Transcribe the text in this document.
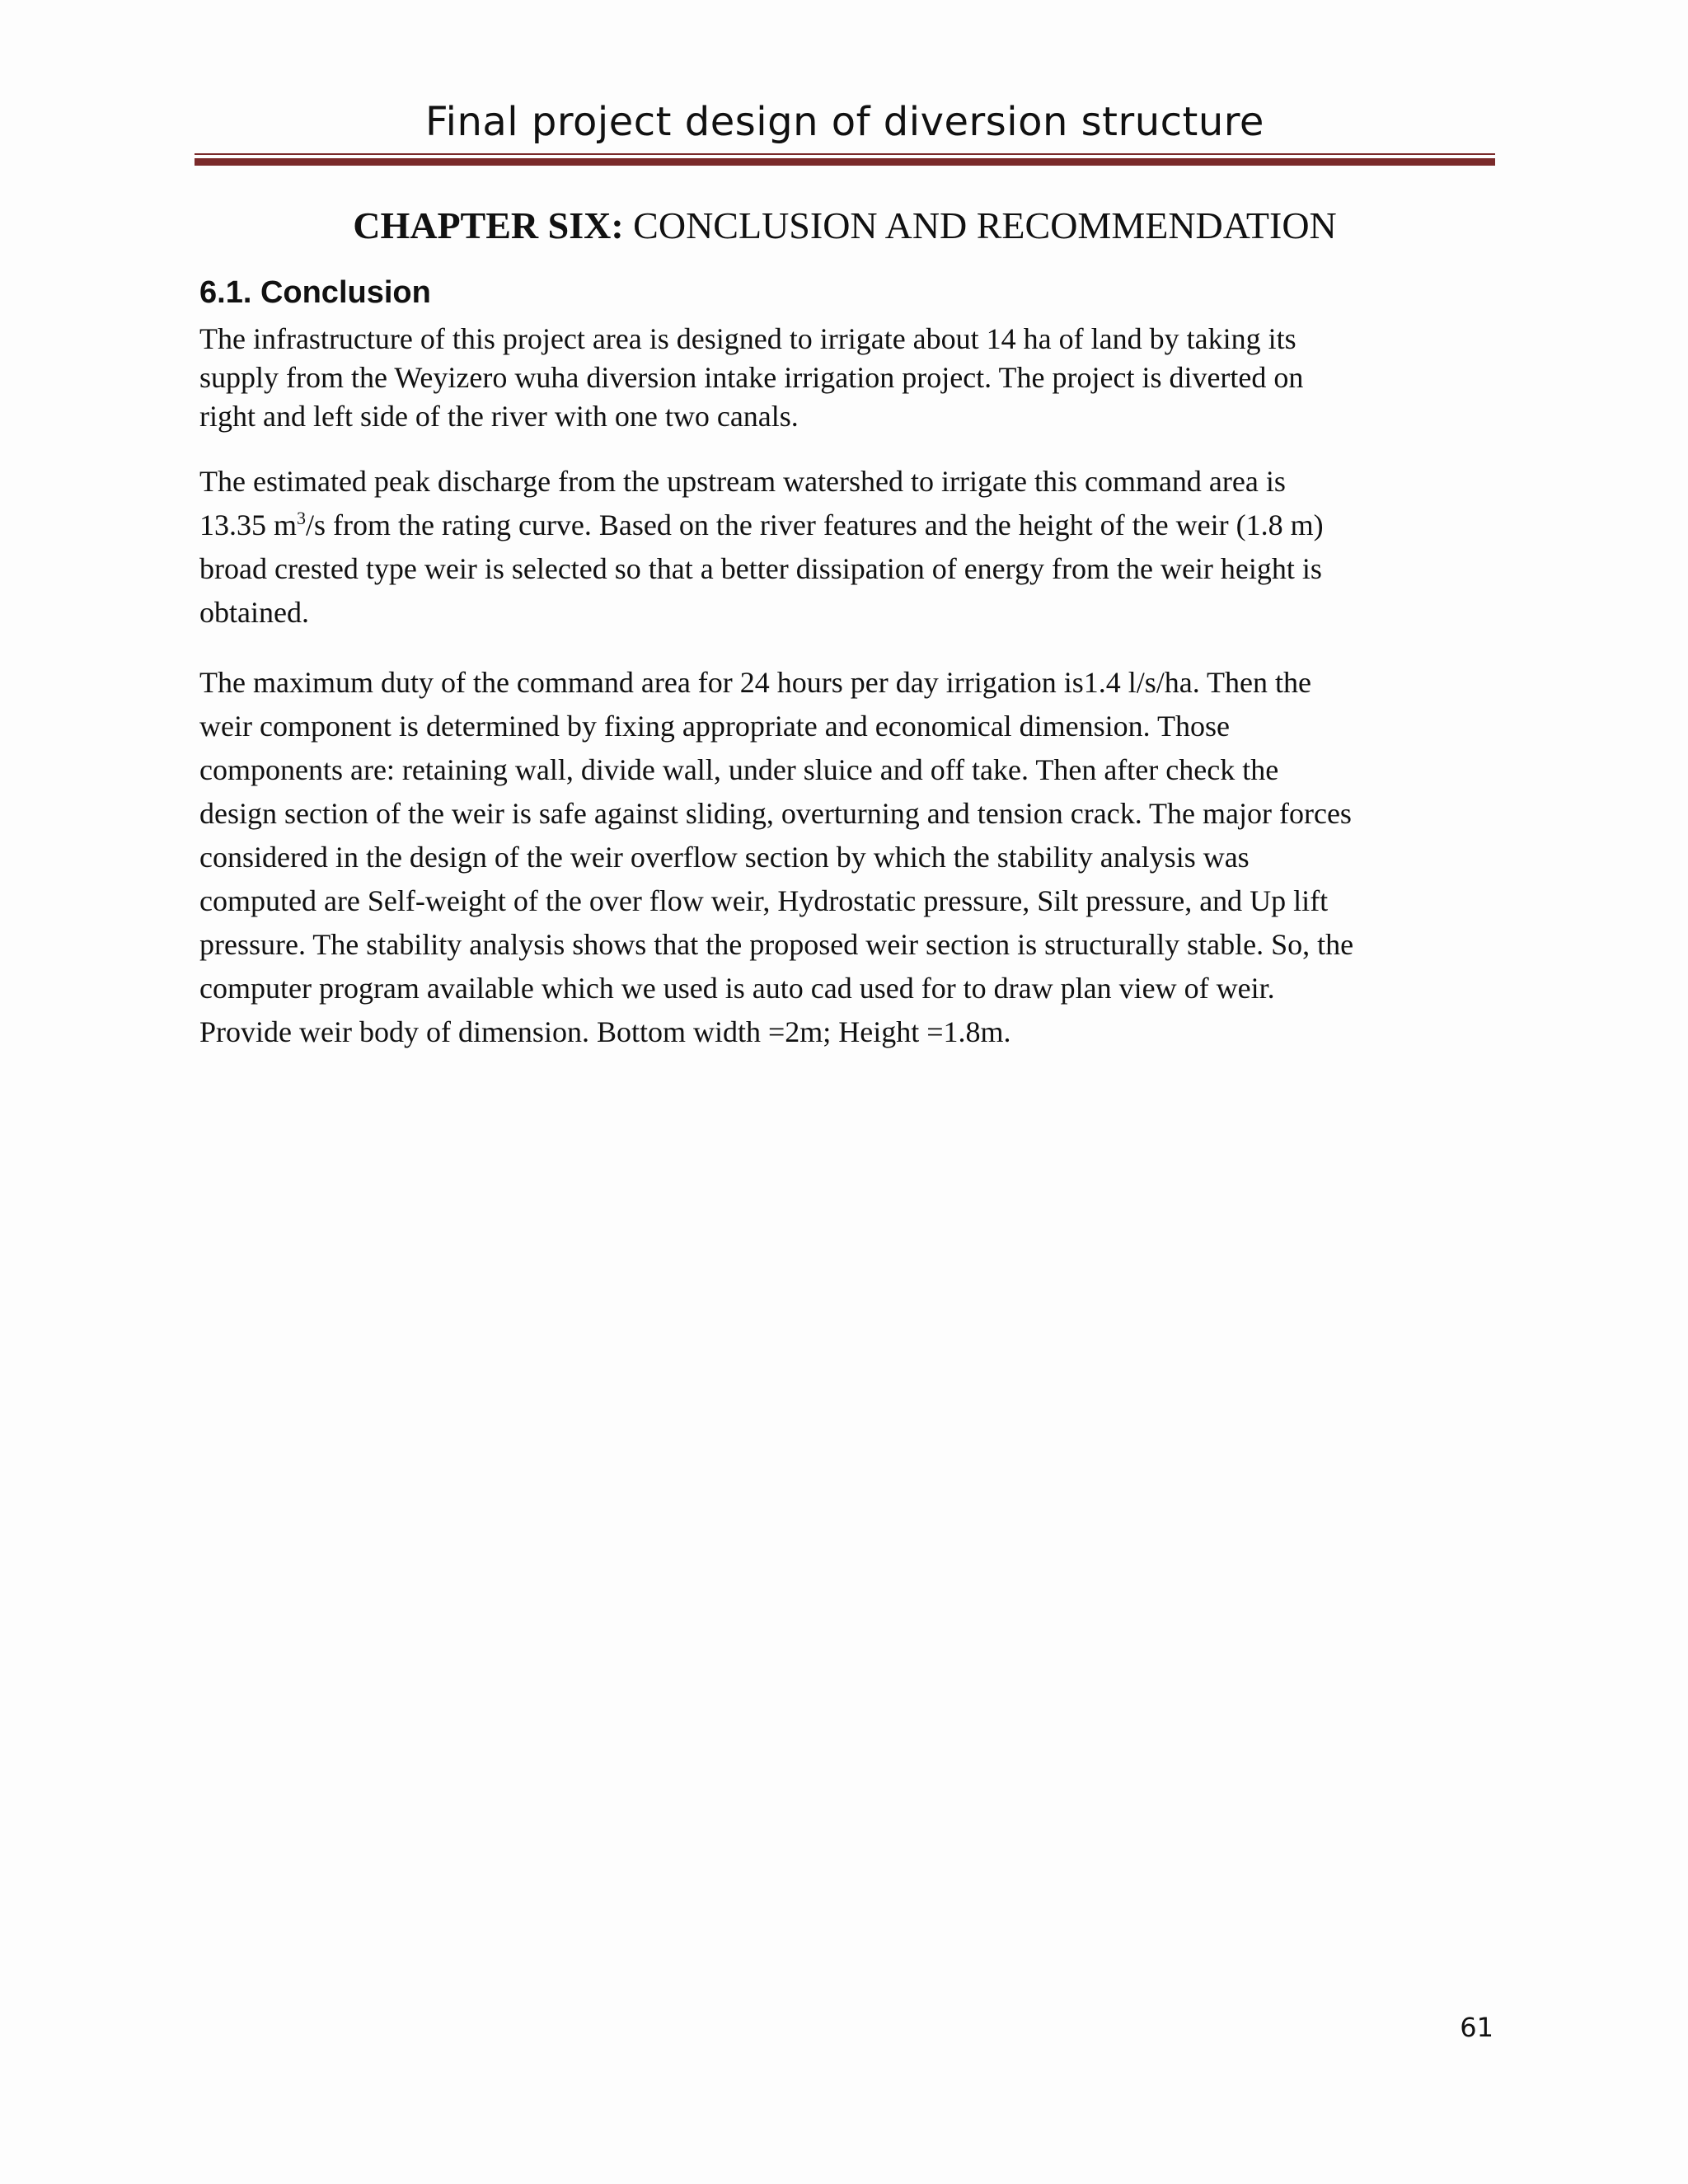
Final project design of diversion structure
CHAPTER SIX: CONCLUSION AND RECOMMENDATION
6.1. Conclusion
The infrastructure of this project area is designed to irrigate about 14 ha of land by taking its
supply from the Weyizero wuha diversion intake irrigation project. The project is diverted on
right and left side of the river with one two canals.
The estimated peak discharge from the upstream watershed to irrigate this command area is
13.35 $m^3/s$ from the rating curve. Based on the river features and the height of the weir (1.8 m)
broad crested type weir is selected so that a better dissipation of energy from the weir height is
obtained.
The maximum duty of the command area for 24 hours per day irrigation is1.4 l/s/ha. Then the
weir component is determined by fixing appropriate and economical dimension. Those
components are: retaining wall, divide wall, under sluice and off take. Then after check the
design section of the weir is safe against sliding, overturning and tension crack. The major forces
considered in the design of the weir overflow section by which the stability analysis was
computed are Self-weight of the over flow weir, Hydrostatic pressure, Silt pressure, and Up lift
pressure. The stability analysis shows that the proposed weir section is structurally stable. So, the
computer program available which we used is auto cad used for to draw plan view of weir.
Provide weir body of dimension. Bottom width =2m; Height =1.8m.
61
